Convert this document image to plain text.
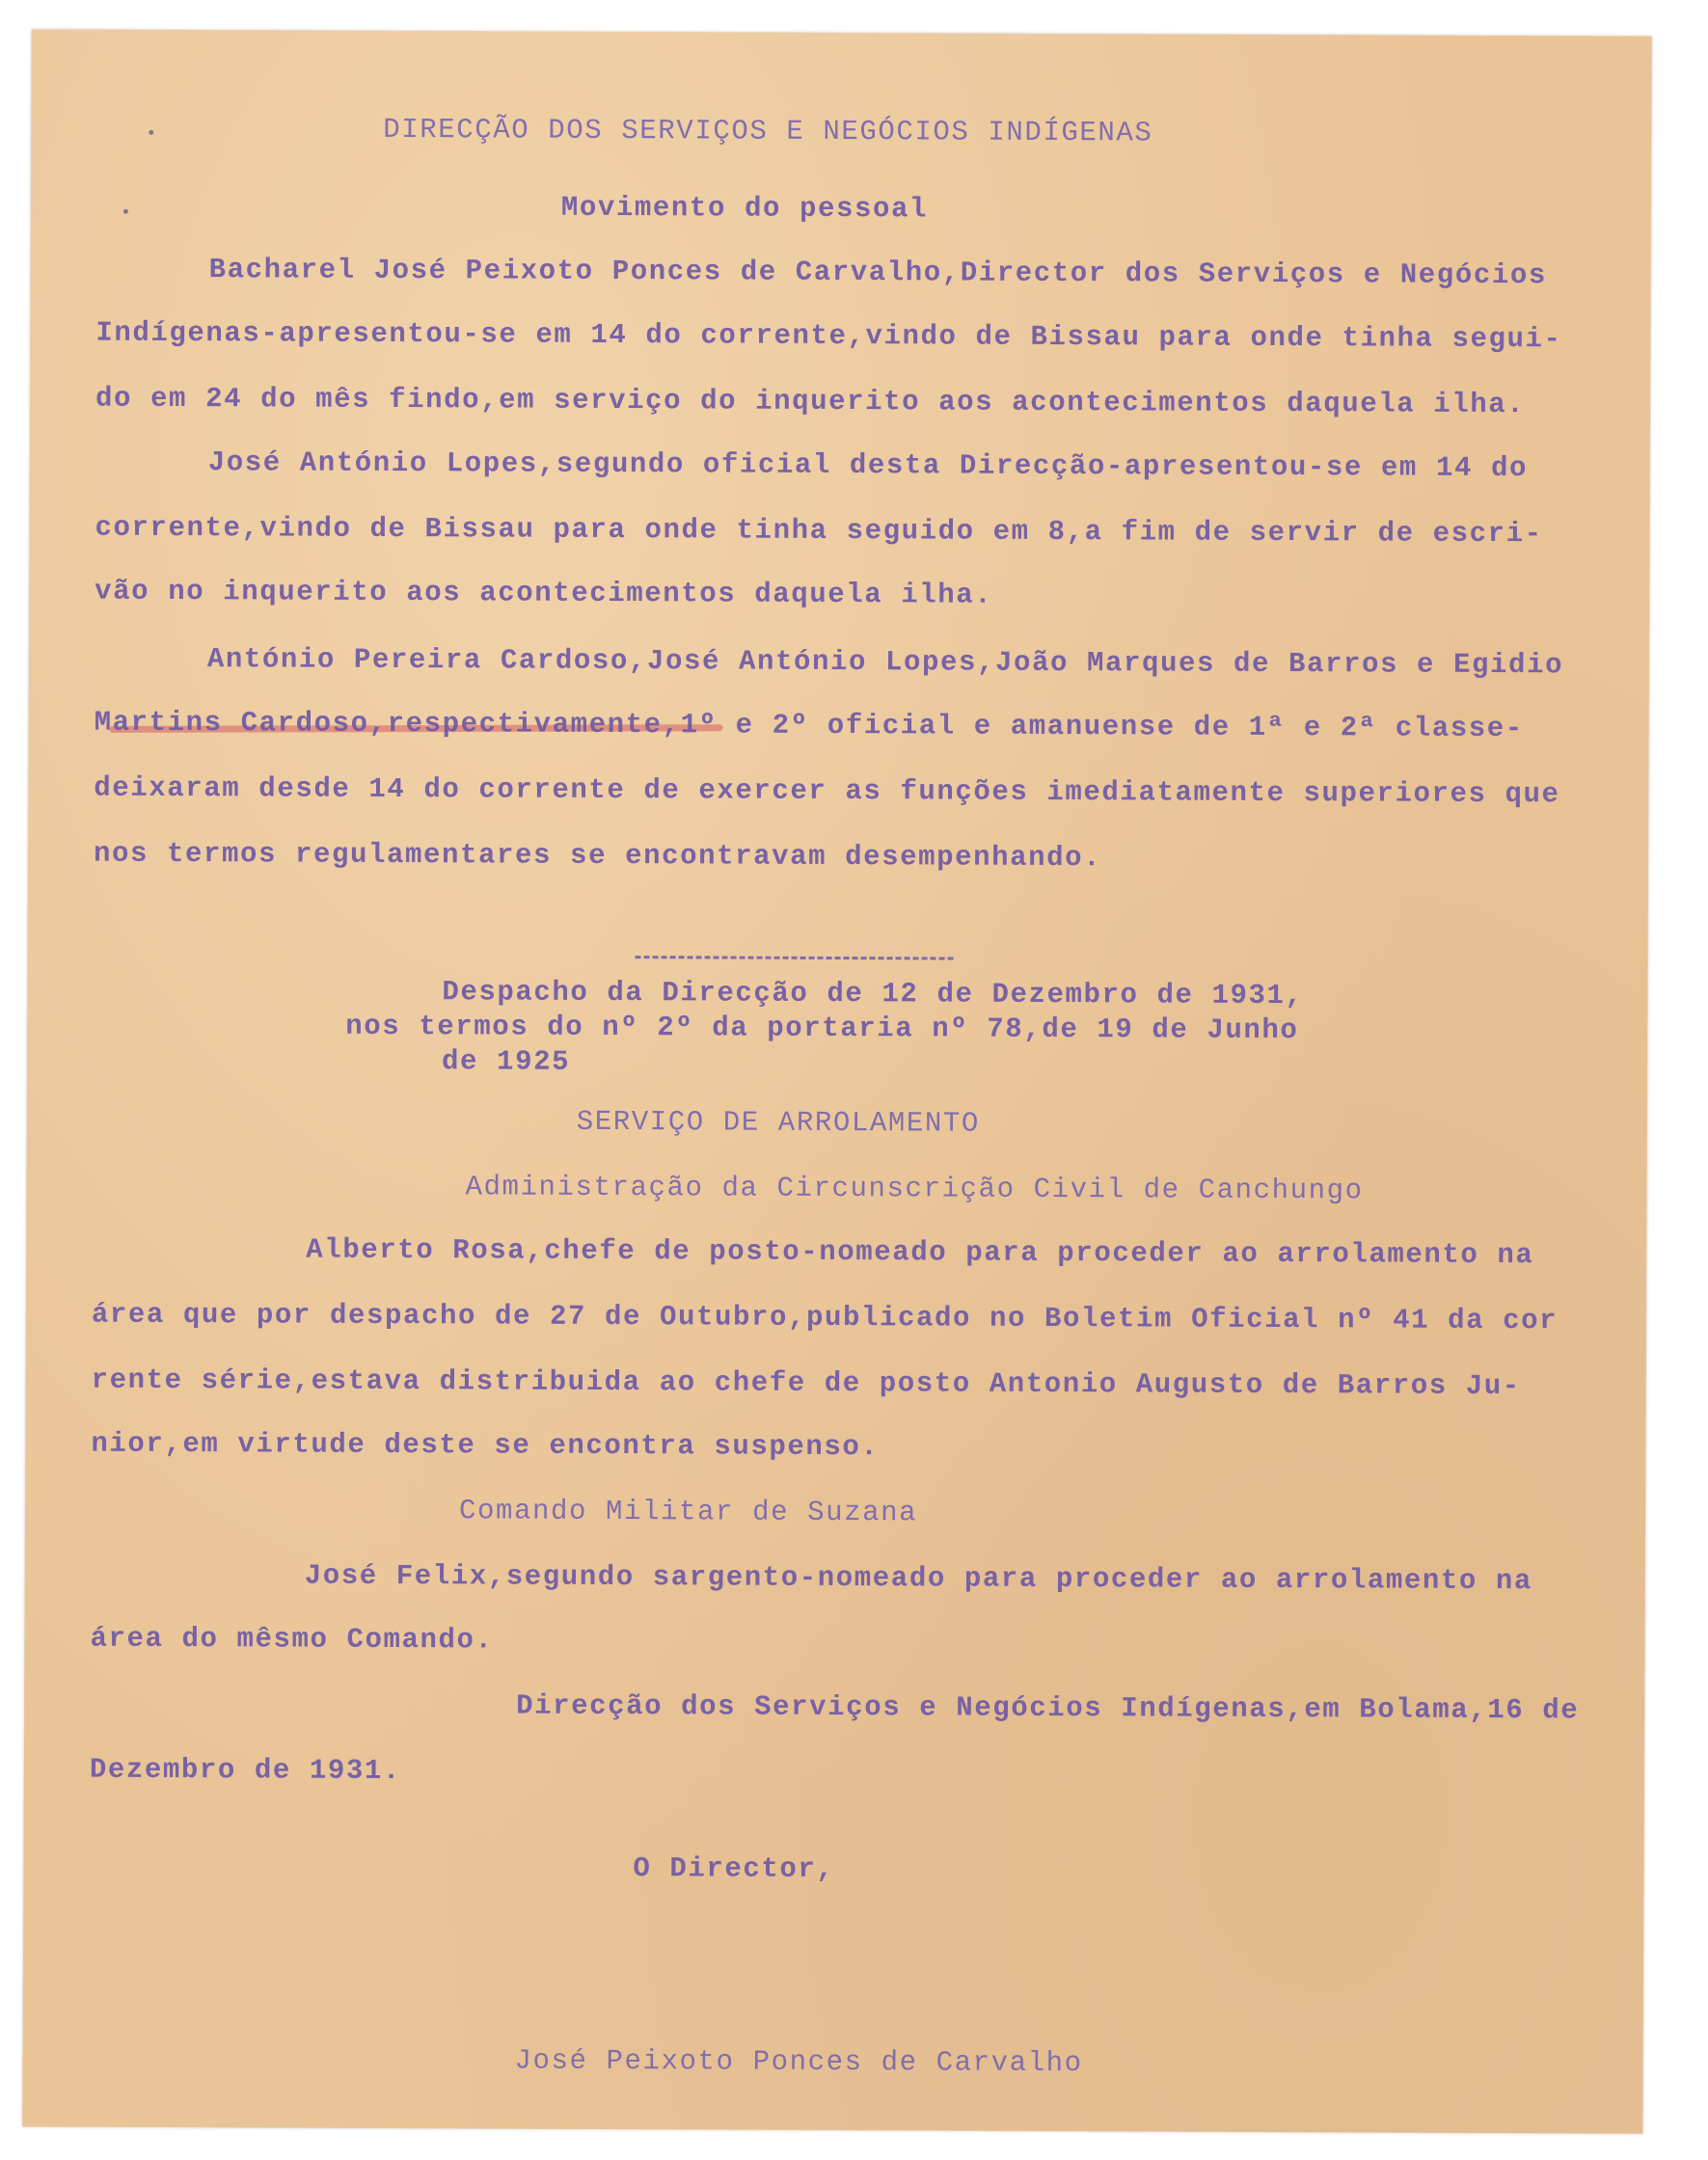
DIRECÇÃO DOS SERVIÇOS E NEGÓCIOS INDÍGENAS
Movimento do pessoal
Bacharel José Peixoto Ponces de Carvalho,Director dos Serviços e Negócios
Indígenas-apresentou-se em 14 do corrente,vindo de Bissau para onde tinha segui-
do em 24 do mês findo,em serviço do inquerito aos acontecimentos daquela ilha.
José António Lopes,segundo oficial desta Direcção-apresentou-se em 14 do
corrente,vindo de Bissau para onde tinha seguido em 8,a fim de servir de escri-
vão no inquerito aos acontecimentos daquela ilha.
António Pereira Cardoso,José António Lopes,João Marques de Barros e Egidio
Martins Cardoso,respectivamente,1º e 2º oficial e amanuense de 1ª e 2ª classe-
deixaram desde 14 do corrente de exercer as funções imediatamente superiores que
nos termos regulamentares se encontravam desempenhando.
Despacho da Direcção de 12 de Dezembro de 1931,
nos termos do nº 2º da portaria nº 78,de 19 de Junho
de 1925
SERVIÇO DE ARROLAMENTO
Administração da Circunscrição Civil de Canchungo
Alberto Rosa,chefe de posto-nomeado para proceder ao arrolamento na
área que por despacho de 27 de Outubro,publicado no Boletim Oficial nº 41 da cor
rente série,estava distribuida ao chefe de posto Antonio Augusto de Barros Ju-
nior,em virtude deste se encontra suspenso.
Comando Militar de Suzana
José Felix,segundo sargento-nomeado para proceder ao arrolamento na
área do mêsmo Comando.
Direcção dos Serviços e Negócios Indígenas,em Bolama,16 de
Dezembro de 1931.
O Director,
José Peixoto Ponces de Carvalho
